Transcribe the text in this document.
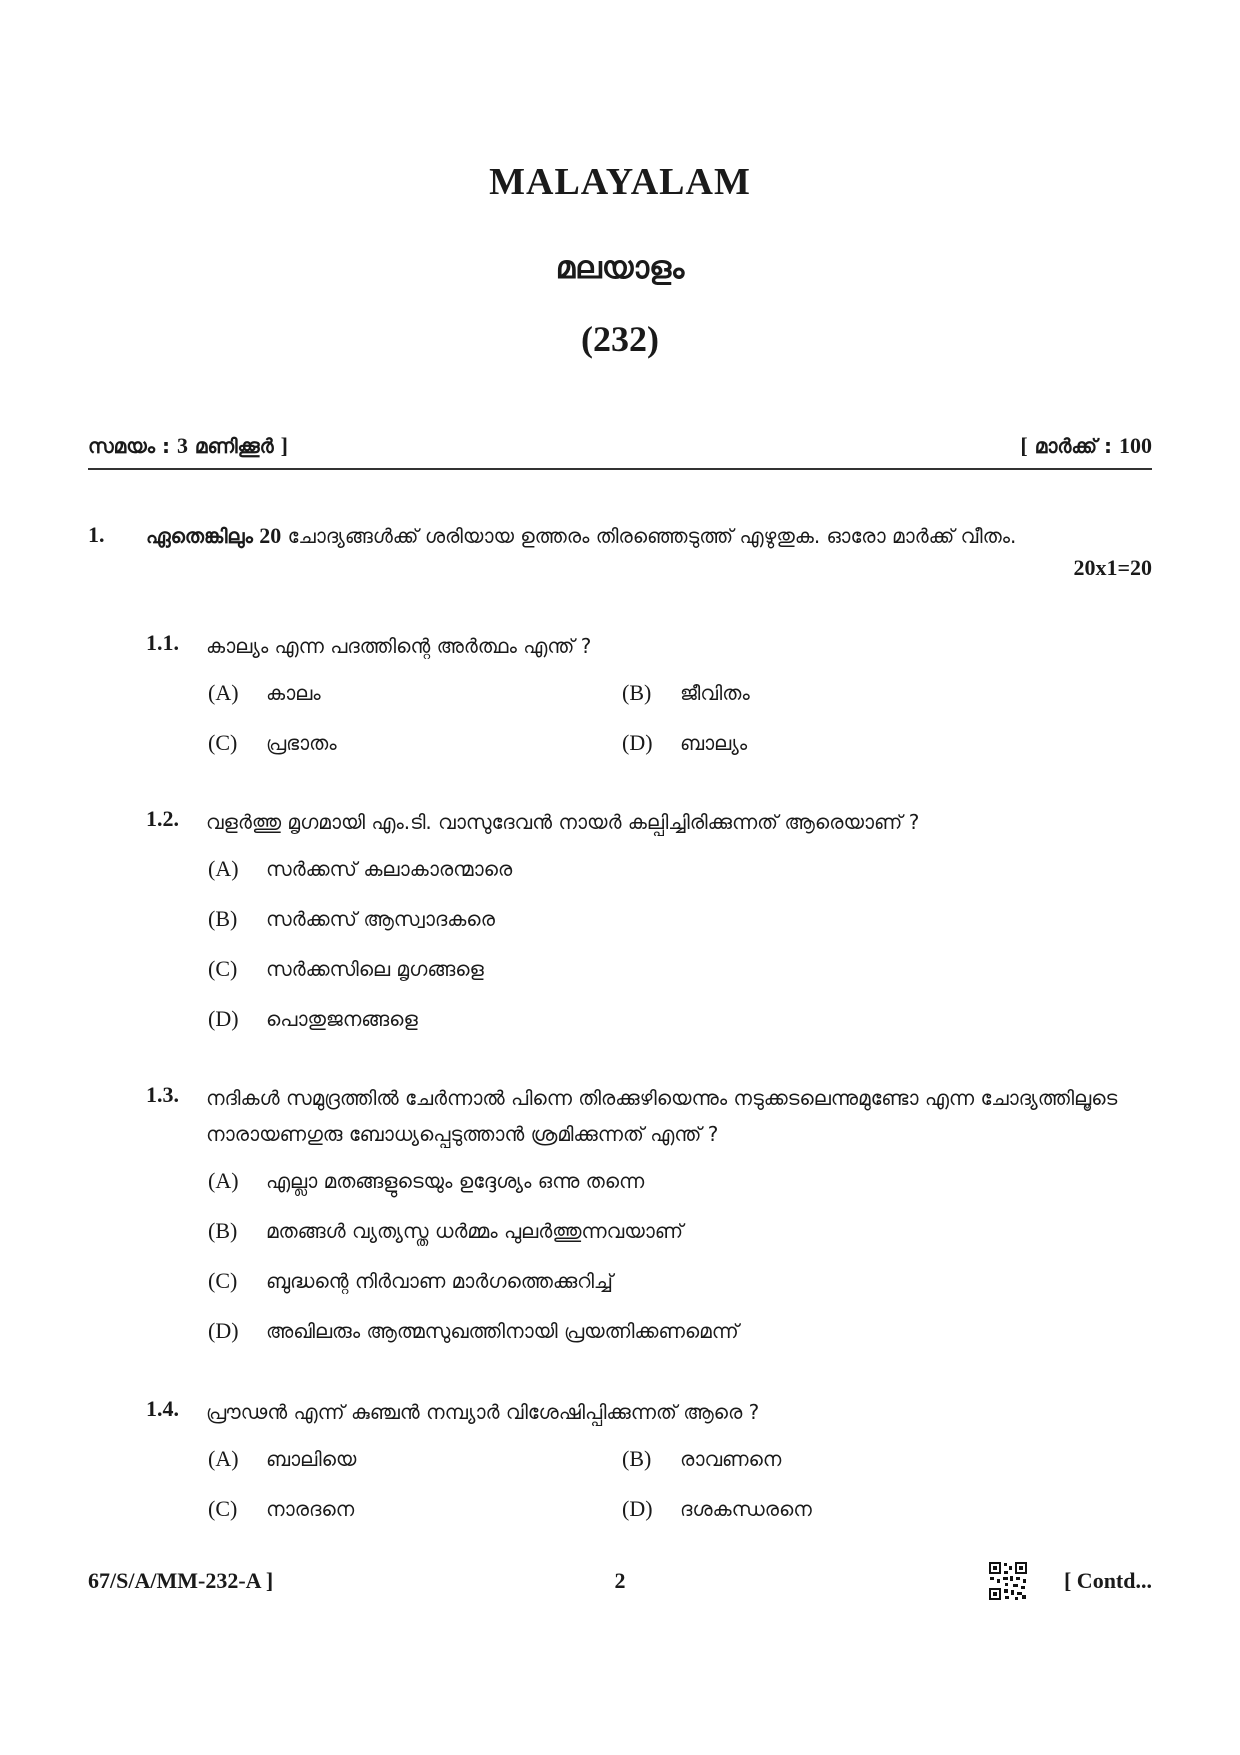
MALAYALAM
മലയാളം
(232)
സമയം : 3 മണിക്കൂർ ]	[ മാർക്ക് : 100
1. ഏതെങ്കിലും 20 ചോദ്യങ്ങൾക്ക് ശരിയായ ഉത്തരം തിരഞ്ഞെടുത്ത് എഴുതുക. ഓരോ മാർക്ക് വീതം.
20x1=20
1.1. കാല്യം എന്ന പദത്തിന്റെ അർത്ഥം എന്ത് ?
(A) കാലം	(B) ജീവിതം
(C) പ്രഭാതം	(D) ബാല്യം
1.2. വളർത്തു മൃഗമായി എം.ടി. വാസുദേവൻ നായർ കല്പിച്ചിരിക്കുന്നത് ആരെയാണ് ?
(A) സർക്കസ് കലാകാരന്മാരെ
(B) സർക്കസ് ആസ്വാദകരെ
(C) സർക്കസിലെ മൃഗങ്ങളെ
(D) പൊതുജനങ്ങളെ
1.3. നദികൾ സമുദ്രത്തിൽ ചേർന്നാൽ പിന്നെ തിരക്കുഴിയെന്നും നടുക്കടലെന്നുമുണ്ടോ എന്ന ചോദ്യത്തിലൂടെ നാരായണഗുരു ബോധ്യപ്പെടുത്താൻ ശ്രമിക്കുന്നത് എന്ത് ?
(A) എല്ലാ മതങ്ങളുടെയും ഉദ്ദേശ്യം ഒന്നു തന്നെ
(B) മതങ്ങൾ വ്യത്യസ്ത ധർമ്മം പുലർത്തുന്നവയാണ്
(C) ബുദ്ധന്റെ നിർവാണ മാർഗത്തെക്കുറിച്ച്
(D) അഖിലരും ആത്മസുഖത്തിനായി പ്രയത്നിക്കണമെന്ന്
1.4. പ്രൗഢൻ എന്ന് കുഞ്ചൻ നമ്പ്യാർ വിശേഷിപ്പിക്കുന്നത് ആരെ ?
(A) ബാലിയെ	(B) രാവണനെ
(C) നാരദനെ	(D) ദശകന്ധരനെ
67/S/A/MM-232-A ]	2	[ Contd...
